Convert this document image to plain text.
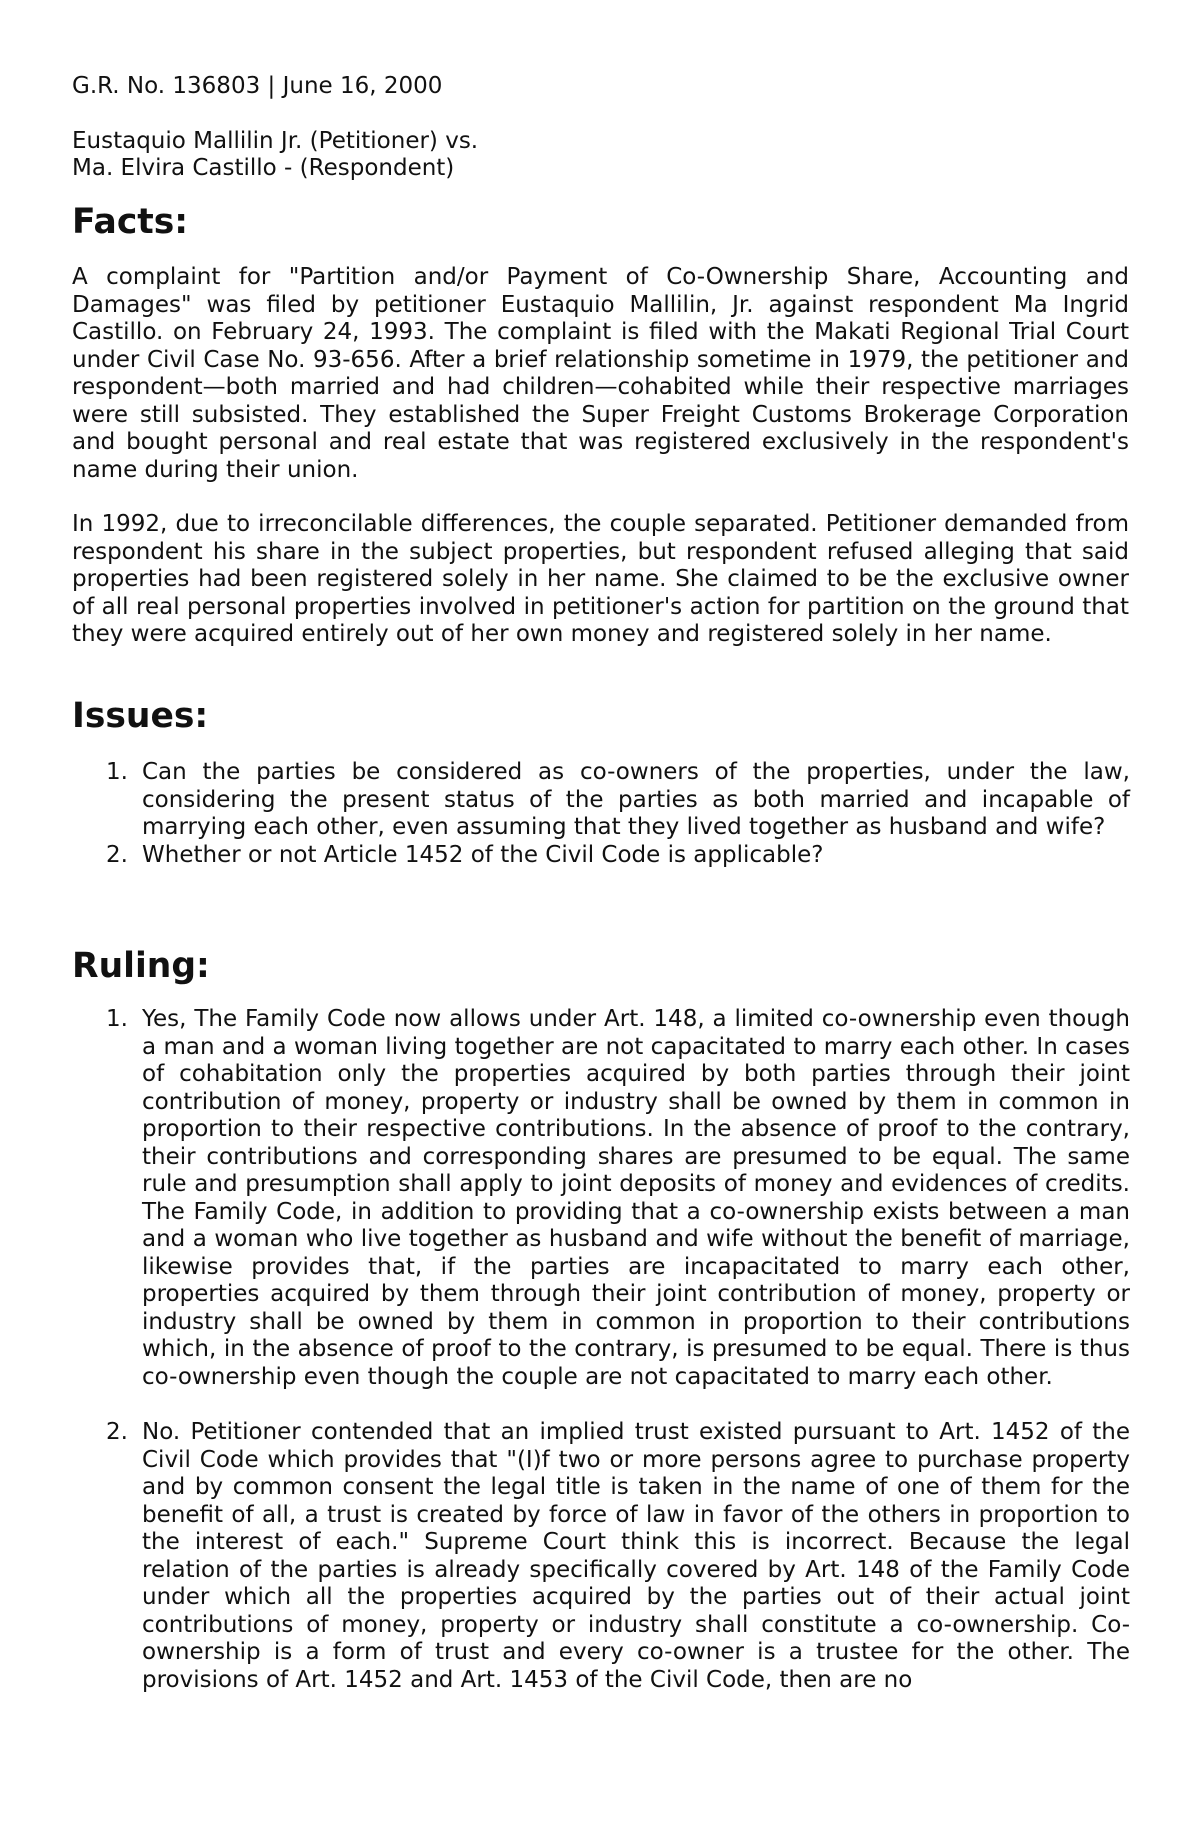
G.R. No. 136803 | June 16, 2000

Eustaquio Mallilin Jr. (Petitioner) vs.

Ma. Elvira Castillo - (Respondent)

Facts:

A complaint for "Partition and/or Payment of Co-Ownership Share, Accounting and Damages" was filed by petitioner Eustaquio Mallilin, Jr. against respondent Ma Ingrid Castillo. on February 24, 1993. The complaint is filed with the Makati Regional Trial Court under Civil Case No. 93-656. After a brief relationship sometime in 1979, the petitioner and respondent—both married and had children—cohabited while their respective marriages were still subsisted. They established the Super Freight Customs Brokerage Corporation and bought personal and real estate that was registered exclusively in the respondent's name during their union.

In 1992, due to irreconcilable differences, the couple separated. Petitioner demanded from respondent his share in the subject properties, but respondent refused alleging that said properties had been registered solely in her name. She claimed to be the exclusive owner of all real personal properties involved in petitioner's action for partition on the ground that they were acquired entirely out of her own money and registered solely in her name.

Issues:
1. Can the parties be considered as co-owners of the properties, under the law, considering the present status of the parties as both married and incapable of marrying each other, even assuming that they lived together as husband and wife?
2. Whether or not Article 1452 of the Civil Code is applicable?
Ruling:
1. Yes, The Family Code now allows under Art. 148, a limited co-ownership even though a man and a woman living together are not capacitated to marry each other. In cases of cohabitation only the properties acquired by both parties through their joint contribution of money, property or industry shall be owned by them in common in proportion to their respective contributions. In the absence of proof to the contrary, their contributions and corresponding shares are presumed to be equal. The same rule and presumption shall apply to joint deposits of money and evidences of credits. The Family Code, in addition to providing that a co-ownership exists between a man and a woman who live together as husband and wife without the benefit of marriage, likewise provides that, if the parties are incapacitated to marry each other, properties acquired by them through their joint contribution of money, property or industry shall be owned by them in common in proportion to their contributions which, in the absence of proof to the contrary, is presumed to be equal. There is thus co-ownership even though the couple are not capacitated to marry each other.
2. No. Petitioner contended that an implied trust existed pursuant to Art. 1452 of the Civil Code which provides that "(I)f two or more persons agree to purchase property and by common consent the legal title is taken in the name of one of them for the benefit of all, a trust is created by force of law in favor of the others in proportion to the interest of each." Supreme Court think this is incorrect. Because the legal relation of the parties is already specifically covered by Art. 148 of the Family Code under which all the properties acquired by the parties out of their actual joint contributions of money, property or industry shall constitute a co-ownership. Co-ownership is a form of trust and every co-owner is a trustee for the other. The provisions of Art. 1452 and Art. 1453 of the Civil Code, then are no
